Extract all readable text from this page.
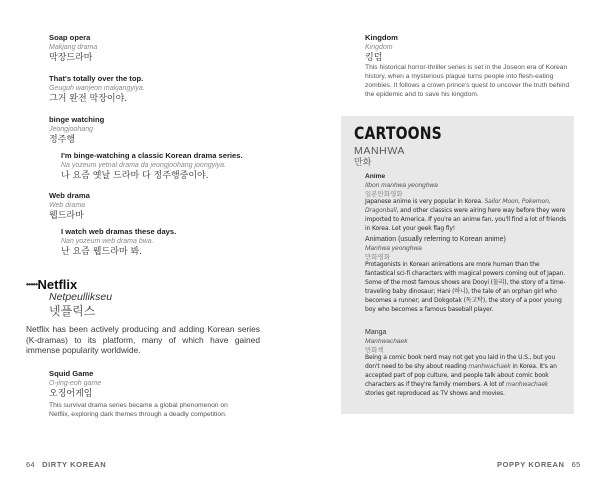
Soap opera
Makjang drama
막장드라마
That's totally over the top.
Geuguh wanjeon makjangyiya.
그거 완전 막장이야.
binge watching
Jeongjoohang
정주행
I'm binge-watching a classic Korean drama series.
Na yozeum yetnal drama da jeongjoohang joongyiya.
나 요즘 옛날 드라마 다 정주행중이야.
Web drama
Web drama
웹드라마
I watch web dramas these days.
Nan yozeum web drama bwa.
난 요즘 웹드라마 봐.
•••••Netflix
Netpeullikseu
넷플릭스
Netflix has been actively producing and adding Korean series (K-dramas) to its platform, many of which have gained immense popularity worldwide.
Squid Game
O-jing-eoh game
오징어게임
This survival drama series became a global phenomenon on Netflix, exploring dark themes through a deadly competition.
64 DIRTY KOREAN
Kingdom
Kingdom
킹덤
This historical horror-thriller series is set in the Joseon era of Korean history, when a mysterious plague turns people into flesh-eating zombies. It follows a crown prince's quest to uncover the truth behind the epidemic and to save his kingdom.
CARTOONS
MANHWA
만화
Anime
Ilbon manhwa yeonghwa
일본만화영화
Japanese anime is very popular in Korea. Sailor Moon, Pokemon, Dragonball, and other classics were airing here way before they were imported to America. If you're an anime fan, you'll find a lot of friends in Korea. Let your geek flag fly!
Animation (usually referring to Korean anime)
Manhwa yeonghwa
만화영화
Protagonists in Korean animations are more human than the fantastical sci-fi characters with magical powers coming out of Japan. Some of the most famous shows are Dooyi (둘리), the story of a time-traveling baby dinosaur; Hani (하니), the tale of an orphan girl who becomes a runner; and Dokgotak (독고탁), the story of a poor young boy who becomes a famous baseball player.
Manga
Manhwachaek
만화책
Being a comic book nerd may not get you laid in the U.S., but you don't need to be shy about reading manhwachaek in Korea. It's an accepted part of pop culture, and people talk about comic book characters as if they're family members. A lot of manhwachaek stories get reproduced as TV shows and movies.
POPPY KOREAN 65
